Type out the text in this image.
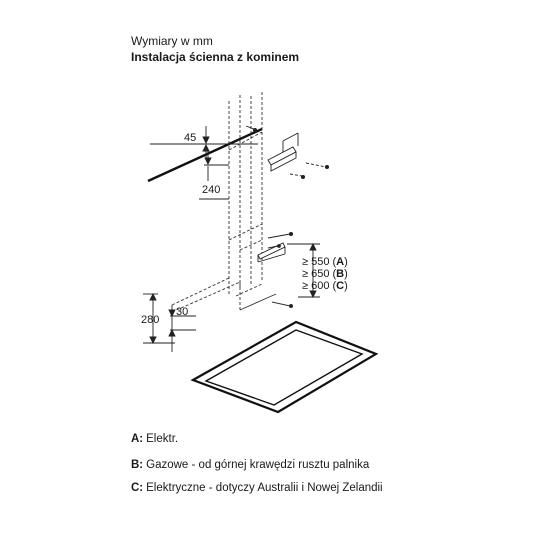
Wymiary w mm
Instalacja ścienna z kominem
45
240
280
30
≥ 550 (A)
≥ 650 (B)
≥ 600 (C)
A: Elektr.
B: Gazowe - od górnej krawędzi rusztu palnika
C: Elektryczne - dotyczy Australii i Nowej Zelandii
